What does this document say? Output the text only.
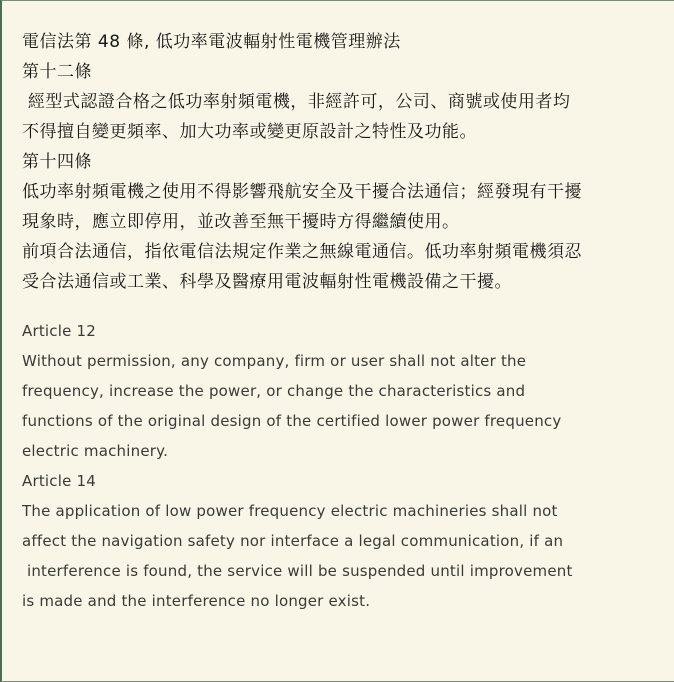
電信法第 48 條, 低功率電波輻射性電機管理辦法
第十二條
經型式認證合格之低功率射頻電機，非經許可，公司、商號或使用者均
不得擅自變更頻率、加大功率或變更原設計之特性及功能。
第十四條
低功率射頻電機之使用不得影響飛航安全及干擾合法通信；經發現有干擾
現象時，應立即停用，並改善至無干擾時方得繼續使用。
前項合法通信，指依電信法規定作業之無線電通信。低功率射頻電機須忍
受合法通信或工業、科學及醫療用電波輻射性電機設備之干擾。
Article 12
Without permission, any company, firm or user shall not alter the
frequency, increase the power, or change the characteristics and
functions of the original design of the certified lower power frequency
electric machinery.
Article 14
The application of low power frequency electric machineries shall not
affect the navigation safety nor interface a legal communication, if an
interference is found, the service will be suspended until improvement
is made and the interference no longer exist.
